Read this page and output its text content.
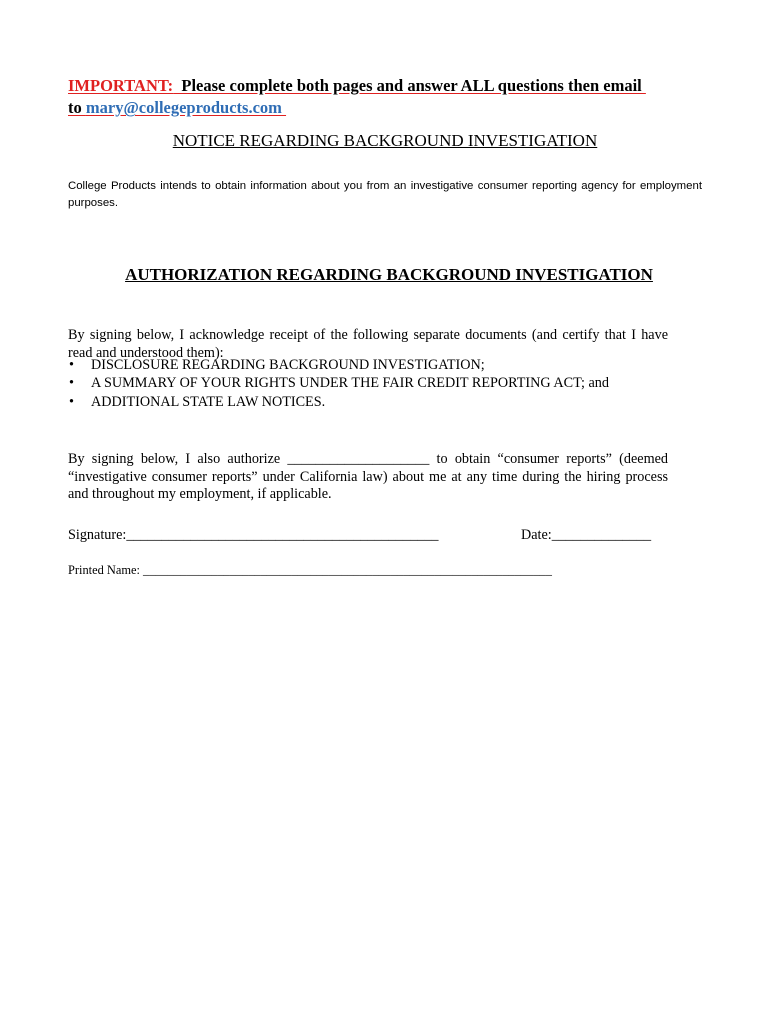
IMPORTANT:  Please complete both pages and answer ALL questions then email
to mary@collegeproducts.com
NOTICE REGARDING BACKGROUND INVESTIGATION

College Products intends to obtain information about you from an investigative consumer reporting agency for employment purposes.

AUTHORIZATION REGARDING BACKGROUND INVESTIGATION

By signing below, I acknowledge receipt of the following separate documents (and certify that I have read and understood them):

• DISCLOSURE REGARDING BACKGROUND INVESTIGATION;
• A SUMMARY OF YOUR RIGHTS UNDER THE FAIR CREDIT REPORTING ACT; and
• ADDITIONAL STATE LAW NOTICES.

By signing below, I also authorize ____________________ to obtain “consumer reports” (deemed “investigative consumer reports” under California law) about me at any time during the hiring process and throughout my employment, if applicable.

Signature:____________________________________________	Date:______________
Printed Name: __________________________________________________________________
